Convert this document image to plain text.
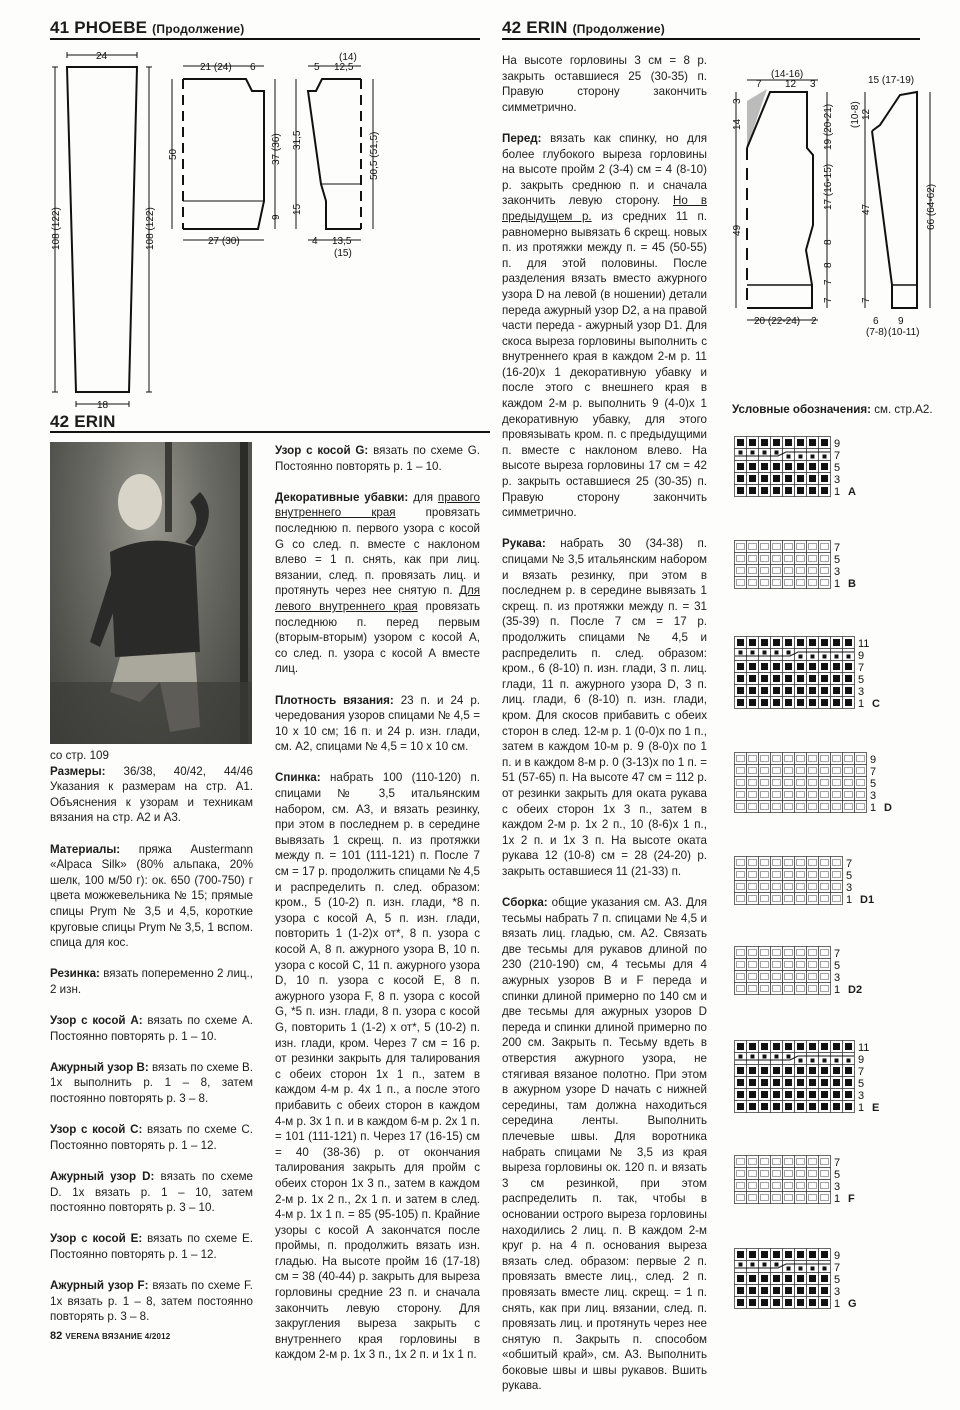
41 PHOEBE (Продолжение)	42 ERIN (Продолжение)
42 ERIN
24
18
108 (122)	108 (122)
21 (24) 6
50	37 (36)
9
27 (30)
(14)
5 12,5
31,5
15
50,5 (51,5)
4 13,5
(15)
(14-16)
7 12 3
3
14
49
19 (20-21)
17 (16-15)
8
8
7
7
20 (22-24) 2
15 (17-19)
(10-8) 12
47
7
66 (64-62)
6 9
(7-8) (10-11)
со стр. 109

Размеры: 36/38, 40/42, 44/46 Указания к размерам на стр. А1. Объяснения к узорам и техникам вязания на стр. А2 и А3.

Материалы: пряжа Austermann «Alpaca Silk» (80% альпака, 20% шелк, 100 м/50 г): ок. 650 (700-750) г цвета можжевельника № 15; прямые спицы Prym № 3,5 и 4,5, короткие круговые спицы Prym № 3,5, 1 вспом. спица для кос.

Резинка: вязать попеременно 2 лиц., 2 изн.

Узор с косой А: вязать по схеме А. Постоянно повторять р. 1 – 10.

Ажурный узор В: вязать по схеме В. 1х выполнить р. 1 – 8, затем постоянно повторять р. 3 – 8.

Узор с косой С: вязать по схеме С. Постоянно повторять р. 1 – 12.

Ажурный узор D: вязать по схеме D. 1х вязать р. 1 – 10, затем постоянно повторять р. 3 – 10.

Узор с косой Е: вязать по схеме Е. Постоянно повторять р. 1 – 12.

Ажурный узор F: вязать по схеме F. 1х вязать р. 1 – 8, затем постоянно повторять р. 3 – 8.

Узор с косой G: вязать по схеме G. Постоянно повторять р. 1 – 10.

Декоративные убавки: для правого внутреннего края провязать последнюю п. первого узора с косой G со след. п. вместе с наклоном влево = 1 п. снять, как при лиц. вязании, след. п. провязать лиц. и протянуть через нее снятую п. Для левого внутреннего края провязать последнюю п. перед первым (вторым-вторым) узором с косой А, со след. п. узора с косой А вместе лиц.

Плотность вязания: 23 п. и 24 р. чередования узоров спицами № 4,5 = 10 х 10 см; 16 п. и 24 р. изн. глади, см. А2, спицами № 4,5 = 10 х 10 см.

Спинка: набрать 100 (110-120) п. спицами № 3,5 итальянским набором, см. А3, и вязать резинку, при этом в последнем р. в середине вывязать 1 скрещ. п. из протяжки между п. = 101 (111-121) п. После 7 см = 17 р. продолжить спицами № 4,5 и распределить п. след. образом: кром., 5 (10-2) п. изн. глади, *8 п. узора с косой А, 5 п. изн. глади, повторить 1 (1-2)х от*, 8 п. узора с косой А, 8 п. ажурного узора В, 10 п. узора с косой С, 11 п. ажурного узора D, 10 п. узора с косой Е, 8 п. ажурного узора F, 8 п. узора с косой G, *5 п. изн. глади, 8 п. узора с косой G, повторить 1 (1-2) х от*, 5 (10-2) п. изн. глади, кром. Через 7 см = 16 р. от резинки закрыть для талирования с обеих сторон 1х 1 п., затем в каждом 4-м р. 4х 1 п., а после этого прибавить с обеих сторон в каждом 4-м р. 3х 1 п. и в каждом 6-м р. 2х 1 п. = 101 (111-121) п. Через 17 (16-15) см = 40 (38-36) р. от окончания талирования закрыть для пройм с обеих сторон 1х 3 п., затем в каждом 2-м р. 1х 2 п., 2х 1 п. и затем в след. 4-м р. 1х 1 п. = 85 (95-105) п. Крайние узоры с косой А закончатся после проймы, п. продолжить вязать изн. гладью. На высоте пройм 16 (17-18) см = 38 (40-44) р. закрыть для выреза горловины средние 23 п. и сначала закончить левую сторону. Для закругления выреза закрыть с внутреннего края горловины в каждом 2-м р. 1х 3 п., 1х 2 п. и 1х 1 п.

На высоте горловины 3 см = 8 р. закрыть оставшиеся 25 (30-35) п. Правую сторону закончить симметрично.

Перед: вязать как спинку, но для более глубокого выреза горловины на высоте пройм 2 (3-4) см = 4 (8-10) р. закрыть среднюю п. и сначала закончить левую сторону. Но в предыдущем р. из средних 11 п. равномерно вывязать 6 скрещ. новых п. из протяжки между п. = 45 (50-55) п. для этой половины. После разделения вязать вместо ажурного узора D на левой (в ношении) детали переда ажурный узор D2, а на правой части переда - ажурный узор D1. Для скоса выреза горловины выполнить с внутреннего края в каждом 2-м р. 11 (16-20)х 1 декоративную убавку и после этого с внешнего края в каждом 2-м р. выполнить 9 (4-0)х 1 декоративную убавку, для этого провязывать кром. п. с предыдущими п. вместе с наклоном влево. На высоте выреза горловины 17 см = 42 р. закрыть оставшиеся 25 (30-35) п. Правую сторону закончить симметрично.

Рукава: набрать 30 (34-38) п. спицами № 3,5 итальянским набором и вязать резинку, при этом в последнем р. в середине вывязать 1 скрещ. п. из протяжки между п. = 31 (35-39) п. После 7 см = 17 р. продолжить спицами № 4,5 и распределить п. след. образом: кром., 6 (8-10) п. изн. глади, 3 п. лиц. глади, 11 п. ажурного узора D, 3 п. лиц. глади, 6 (8-10) п. изн. глади, кром. Для скосов прибавить с обеих сторон в след. 12-м р. 1 (0-0)х по 1 п., затем в каждом 10-м р. 9 (8-0)х по 1 п. и в каждом 8-м р. 0 (3-13)х по 1 п. = 51 (57-65) п. На высоте 47 см = 112 р. от резинки закрыть для оката рукава с обеих сторон 1х 3 п., затем в каждом 2-м р. 1х 2 п., 10 (8-6)х 1 п., 1х 2 п. и 1х 3 п. На высоте оката рукава 12 (10-8) см = 28 (24-20) р. закрыть оставшиеся 11 (21-33) п.

Сборка: общие указания см. А3. Для тесьмы набрать 7 п. спицами № 4,5 и вязать лиц. гладью, см. А2. Связать две тесьмы для рукавов длиной по 230 (210-190) см, 4 тесьмы для 4 ажурных узоров В и F переда и спинки длиной примерно по 140 см и две тесьмы для ажурных узоров D переда и спинки длиной примерно по 200 см. Закрыть п. Тесьму вдеть в отверстия ажурного узора, не стягивая вязаное полотно. При этом в ажурном узоре D начать с нижней середины, там должна находиться середина ленты. Выполнить плечевые швы. Для воротника набрать спицами № 3,5 из края выреза горловины ок. 120 п. и вязать 3 см резинкой, при этом распределить п. так, чтобы в основании острого выреза горловины находились 2 лиц. п. В каждом 2-м круг р. на 4 п. основания выреза вязать след. образом: первые 2 п. провязать вместе лиц., след. 2 п. провязать вместе лиц. скрещ. = 1 п. снять, как при лиц. вязании, след. п. провязать лиц. и протянуть через нее снятую п. Закрыть п. способом «обшитый край», см. А3. Выполнить боковые швы и швы рукавов. Вшить рукава.

Условные обозначения: см. стр.А2.
9
7
5
3
1 A
7
5
3
1 B
11
9
7
5
3
1 C
9
7
5
3
1 D
7
5
3
1 D1
7
5
3
1 D2
11
9
7
5
3
1 E
7
5
3
1 F
9
7
5
3
1 G
82 VERENA ВЯЗАНИЕ 4/2012
